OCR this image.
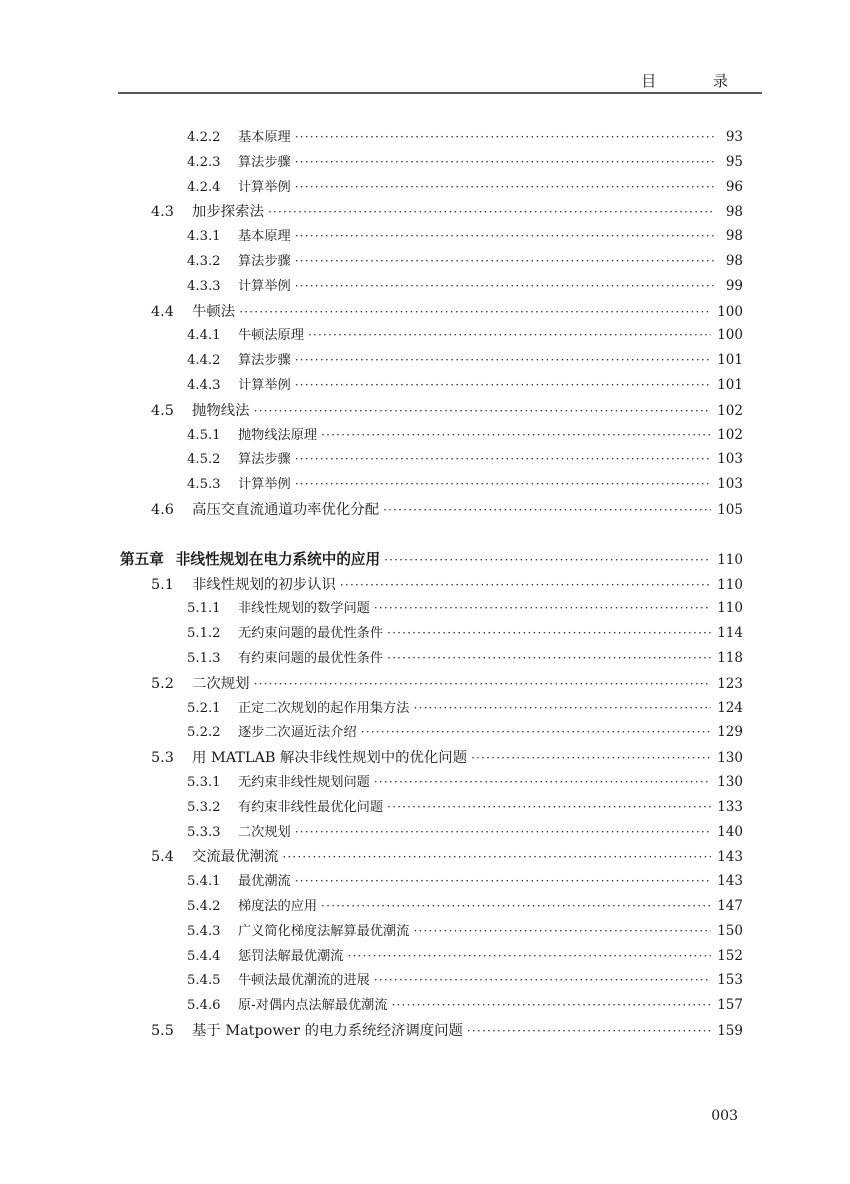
目 录
4.2.2	基本原理 ·····	93
4.2.3	算法步骤 ·····	95
4.2.4	计算举例 ·····	96
4.3	加步探索法 ·····	98
4.3.1	基本原理 ·····	98
4.3.2	算法步骤 ·····	98
4.3.3	计算举例 ·····	99
4.4	牛顿法 ·····	100
4.4.1	牛顿法原理 ·····	100
4.4.2	算法步骤 ·····	101
4.4.3	计算举例 ·····	101
4.5	抛物线法 ·····	102
4.5.1	抛物线法原理 ·····	102
4.5.2	算法步骤 ·····	103
4.5.3	计算举例 ·····	103
4.6	高压交直流通道功率优化分配 ·····	105
第五章 非线性规划在电力系统中的应用 ·····	110
5.1	非线性规划的初步认识 ·····	110
5.1.1	非线性规划的数学问题 ·····	110
5.1.2	无约束问题的最优性条件 ·····	114
5.1.3	有约束问题的最优性条件 ·····	118
5.2	二次规划 ·····	123
5.2.1	正定二次规划的起作用集方法 ·····	124
5.2.2	逐步二次逼近法介绍 ·····	129
5.3	用 MATLAB 解决非线性规划中的优化问题 ·····	130
5.3.1	无约束非线性规划问题 ·····	130
5.3.2	有约束非线性最优化问题 ·····	133
5.3.3	二次规划 ·····	140
5.4	交流最优潮流 ·····	143
5.4.1	最优潮流 ·····	143
5.4.2	梯度法的应用 ·····	147
5.4.3	广义简化梯度法解算最优潮流 ·····	150
5.4.4	惩罚法解最优潮流 ·····	152
5.4.5	牛顿法最优潮流的进展 ·····	153
5.4.6	原-对偶内点法解最优潮流 ·····	157
5.5	基于 Matpower 的电力系统经济调度问题 ·····	159
003
